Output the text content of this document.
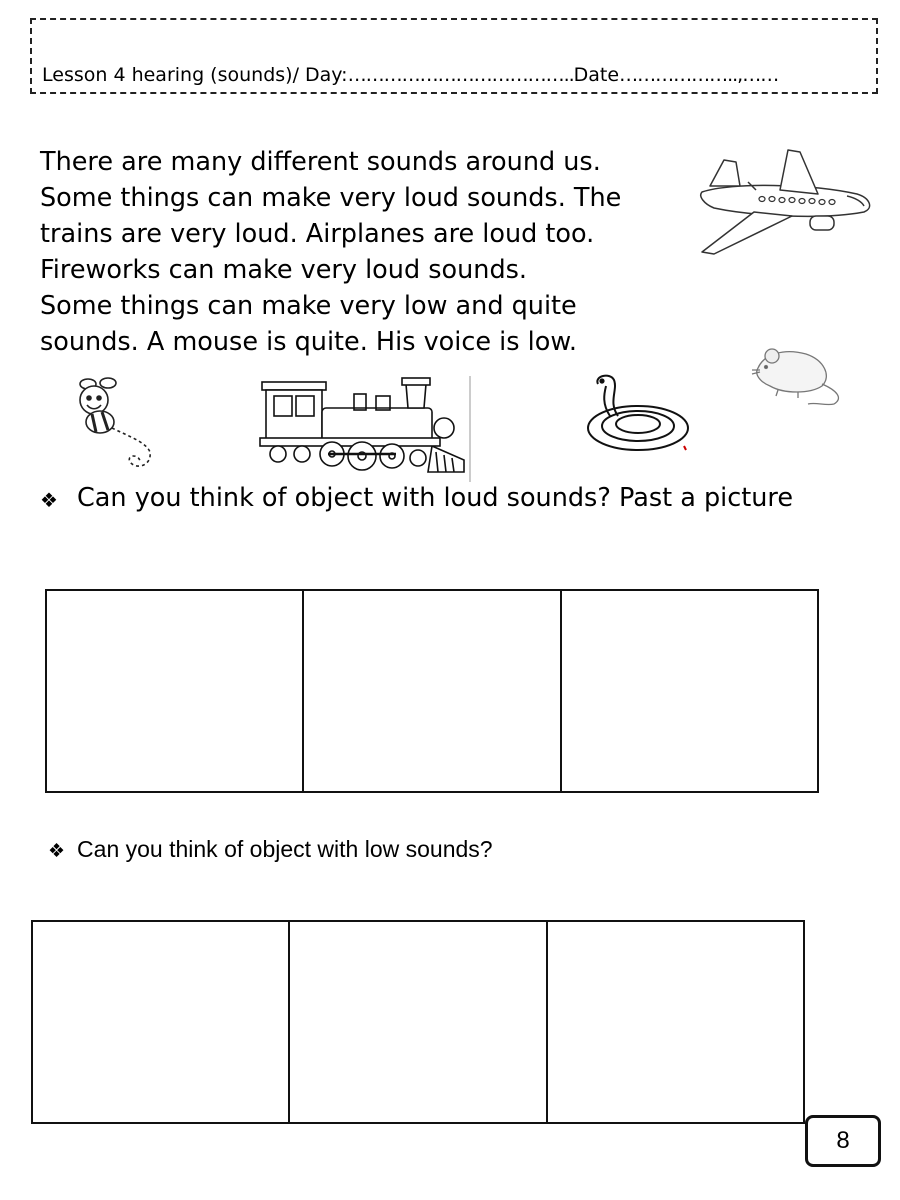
Lesson 4 hearing (sounds)/ Day:………………………………..Date………………..,……
There are many different sounds around us.
Some things can make very loud sounds. The
trains are very loud. Airplanes are loud too.
Fireworks can make very loud sounds.
Some things can make very low and quite
sounds. A mouse is quite. His voice is low.
❖ Can you think of object with loud sounds? Past a picture
❖ Can you think of object with low sounds?
8
